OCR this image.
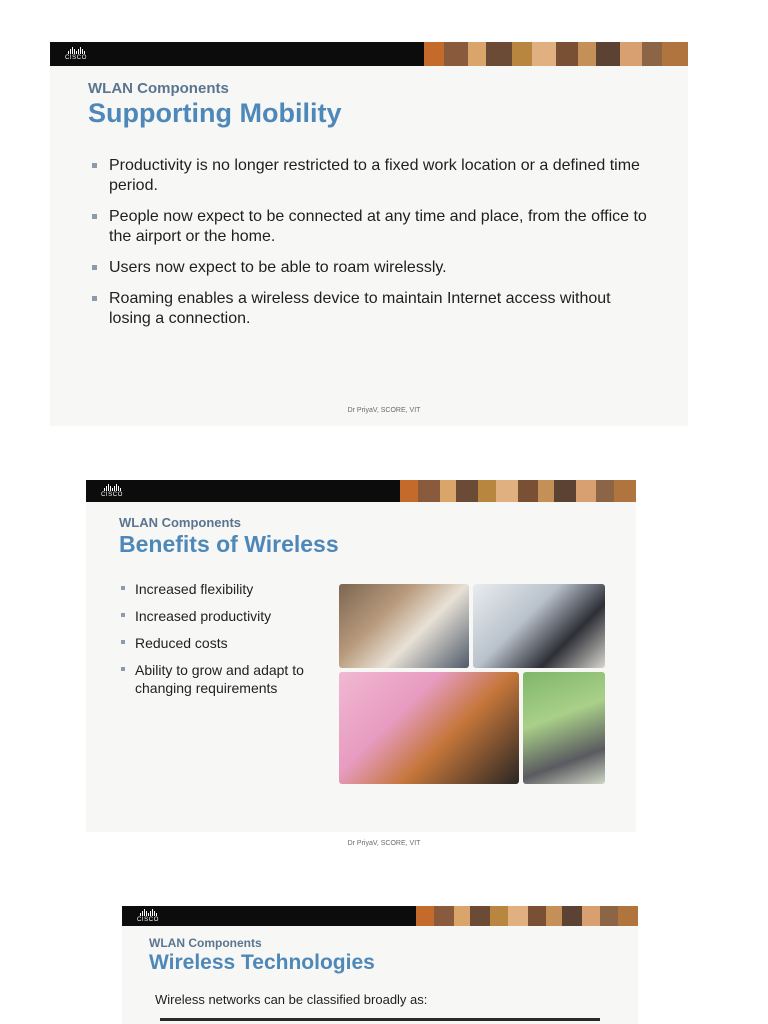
CISCO
WLAN Components
Supporting Mobility
Productivity is no longer restricted to a fixed work location or a defined time period.
People now expect to be connected at any time and place, from the office to the airport or the home.
Users now expect to be able to roam wirelessly.
Roaming enables a wireless device to maintain Internet access without losing a connection.
Dr PriyaV, SCORE, VIT
CISCO
WLAN Components
Benefits of Wireless
Increased flexibility
Increased productivity
Reduced costs
Ability to grow and adapt to changing requirements
Dr PriyaV, SCORE, VIT
CISCO
WLAN Components
Wireless Technologies
Wireless networks can be classified broadly as:
